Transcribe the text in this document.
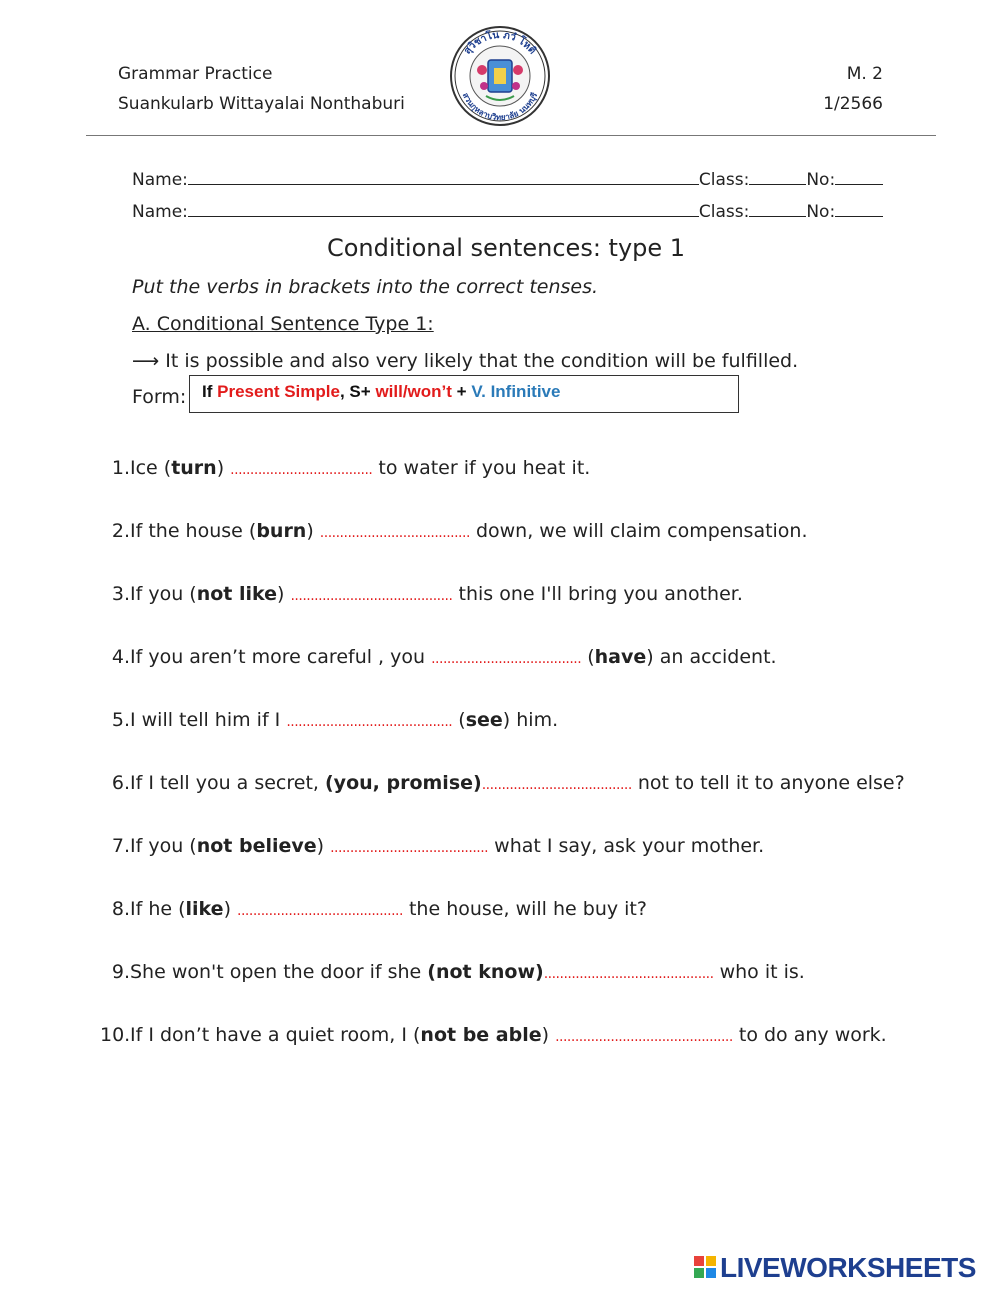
Grammar Practice
Suankularb Wittayalai Nonthaburi
M. 2
1/2566
สุวิชาโน ภวํ โหติ
สวนกุหลาบวิทยาลัย นนทบุรี
Name:	Class:	No:
Name:	Class:	No:
Conditional sentences: type 1
Put the verbs in brackets into the correct tenses.
A. Conditional Sentence Type 1:
⟶ It is possible and also very likely that the condition will be fulfilled.
Form: If Present Simple, S+ will/won’t + V. Infinitive
1.Ice (turn) .................................... to water if you heat it.
2.If the house (burn) ...................................... down, we will claim compensation.
3.If you (not like) ......................................... this one I'll bring you another.
4.If you aren’t more careful , you ...................................... (have) an accident.
5.I will tell him if I .......................................... (see) him.
6.If I tell you a secret, (you, promise)...................................... not to tell it to anyone else?
7.If you (not believe) ........................................ what I say, ask your mother.
8.If he (like) .......................................... the house, will he buy it?
9.She won't open the door if she (not know)........................................... who it is.
10.If I don’t have a quiet room, I (not be able) ............................................. to do any work.
LIVEWORKSHEETS
